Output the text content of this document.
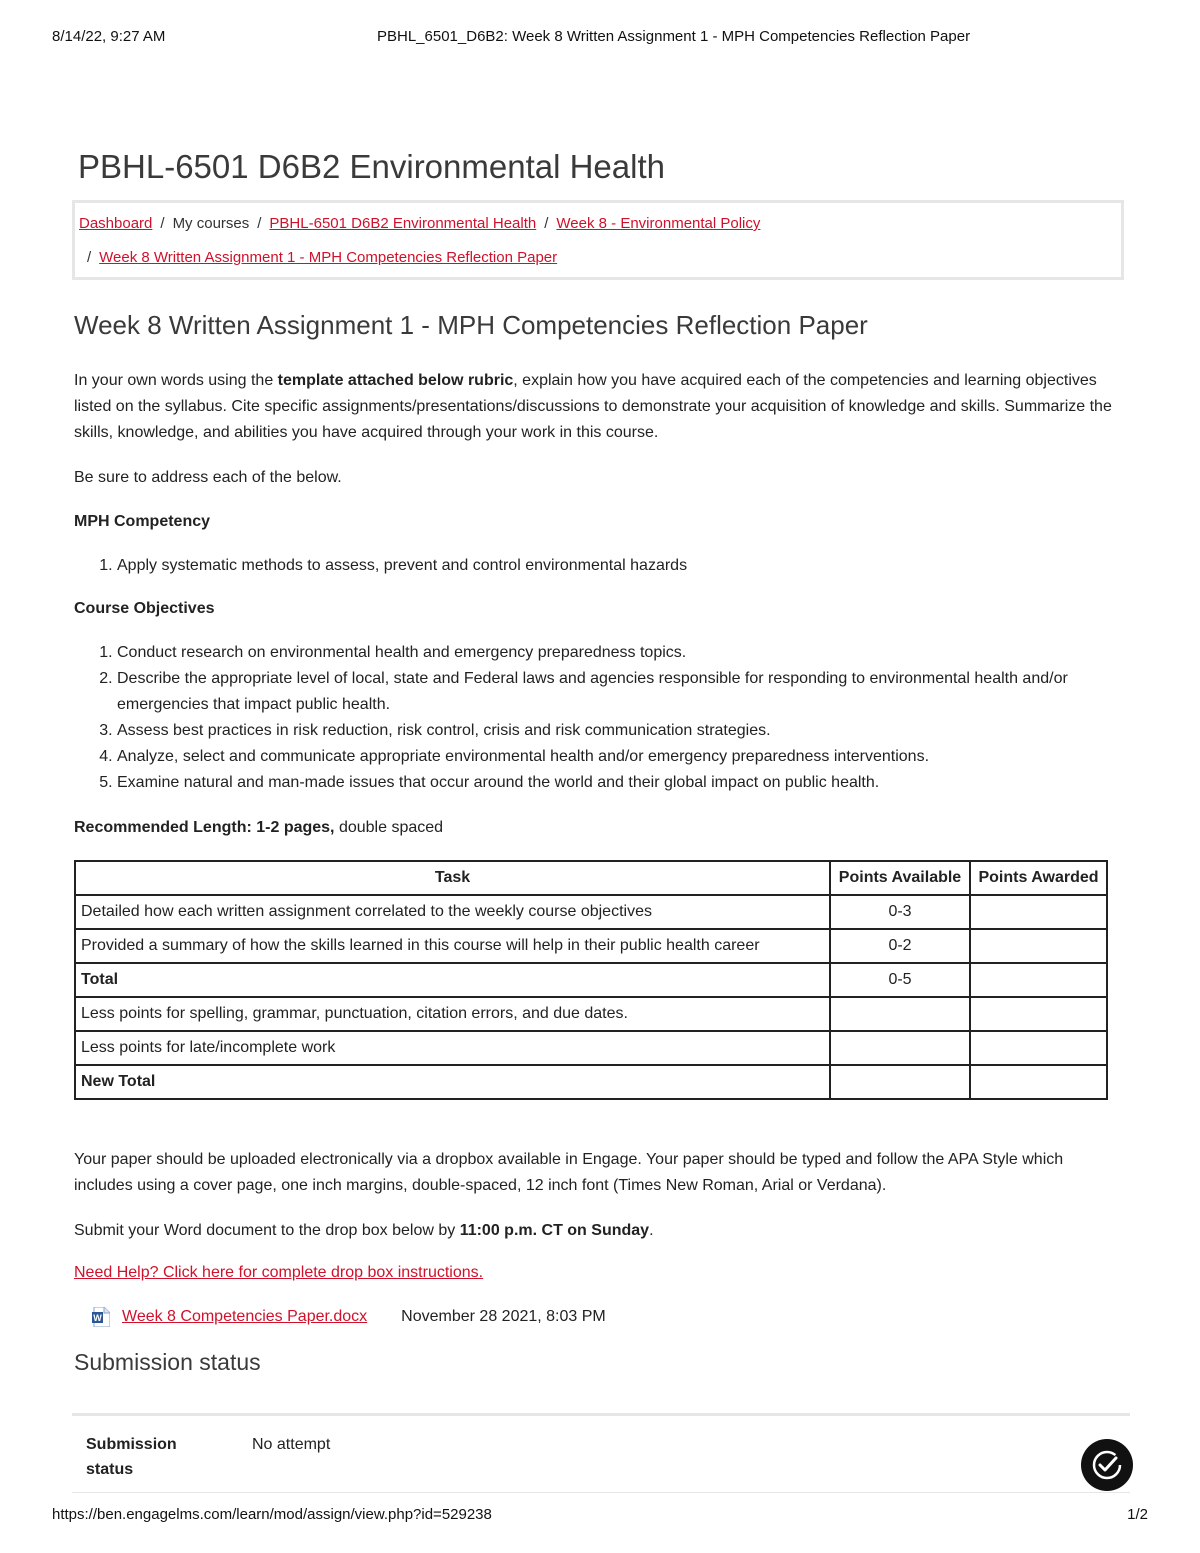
8/14/22, 9:27 AM	PBHL_6501_D6B2: Week 8 Written Assignment 1 - MPH Competencies Reflection Paper
PBHL-6501 D6B2 Environmental Health
Dashboard / My courses / PBHL-6501 D6B2 Environmental Health / Week 8 - Environmental Policy
/ Week 8 Written Assignment 1 - MPH Competencies Reflection Paper
Week 8 Written Assignment 1 - MPH Competencies Reflection Paper

In your own words using the template attached below rubric, explain how you have acquired each of the competencies and learning objectives listed on the syllabus. Cite specific assignments/presentations/discussions to demonstrate your acquisition of knowledge and skills. Summarize the skills, knowledge, and abilities you have acquired through your work in this course.

Be sure to address each of the below.

MPH Competency

1. Apply systematic methods to assess, prevent and control environmental hazards

Course Objectives

1. Conduct research on environmental health and emergency preparedness topics.
2. Describe the appropriate level of local, state and Federal laws and agencies responsible for responding to environmental health and/or emergencies that impact public health.
3. Assess best practices in risk reduction, risk control, crisis and risk communication strategies.
4. Analyze, select and communicate appropriate environmental health and/or emergency preparedness interventions.
5. Examine natural and man-made issues that occur around the world and their global impact on public health.

Recommended Length: 1-2 pages, double spaced

Task	Points Available	Points Awarded
Detailed how each written assignment correlated to the weekly course objectives	0-3	
Provided a summary of how the skills learned in this course will help in their public health career	0-2	
Total	0-5	
Less points for spelling, grammar, punctuation, citation errors, and due dates.		
Less points for late/incomplete work		
New Total		

Your paper should be uploaded electronically via a dropbox available in Engage. Your paper should be typed and follow the APA Style which includes using a cover page, one inch margins, double-spaced, 12 inch font (Times New Roman, Arial or Verdana).

Submit your Word document to the drop box below by 11:00 p.m. CT on Sunday.

Need Help? Click here for complete drop box instructions.
W Week 8 Competencies Paper.docx November 28 2021, 8:03 PM
Submission status
Submission status
No attempt
https://ben.engagelms.com/learn/mod/assign/view.php?id=529238	1/2
